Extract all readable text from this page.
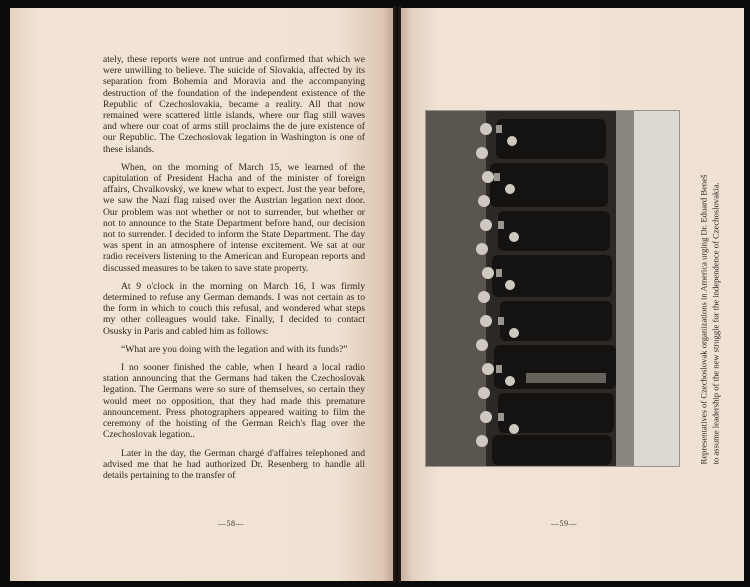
ately, these reports were not untrue and confirmed that which we were unwilling to believe. The suicide of Slovakia, affected by its separation from Bohemia and Moravia and the accompanying destruction of the foundation of the independent existence of the Republic of Czechoslovakia, became a reality. All that now remained were scattered little islands, where our flag still waves and where our coat of arms still proclaims the de jure existence of our Republic. The Czechoslovak legation in Washington is one of these islands.

When, on the morning of March 15, we learned of the capitulation of President Hacha and of the minister of foreign affairs, Chvalkovský, we knew what to expect. Just the year before, we saw the Nazi flag raised over the Austrian legation next door. Our problem was not whether or not to surrender, but whether or not to announce to the State Department before hand, our decision not to surrender. I decided to inform the State Department. The day was spent in an atmosphere of intense excitement. We sat at our radio receivers listening to the American and European reports and discussed measures to be taken to save state property.

At 9 o'clock in the morning on March 16, I was firmly determined to refuse any German demands. I was not certain as to the form in which to couch this refusal, and wondered what steps my other colleagues would take. Finally, I decided to contact Osusky in Paris and cabled him as follows:

“What are you doing with the legation and with its funds?”

I no sooner finished the cable, when I heard a local radio station announcing that the Germans had taken the Czechoslovak legation. The Germans were so sure of themselves, so certain they would meet no opposition, that they had made this premature announcement. Press photographers appeared waiting to film the ceremony of the hoisting of the German Reich's flag over the Czechoslovak legation..

Later in the day, the German chargé d'affaires telephoned and advised me that he had authorized Dr. Resenberg to handle all details pertaining to the transfer of

—58—
Representatives of Czechoslovak organizations in America urging Dr. Eduard Beneš to assume leadership of the new struggle for the independence of Czechoslovakia.
—59—
